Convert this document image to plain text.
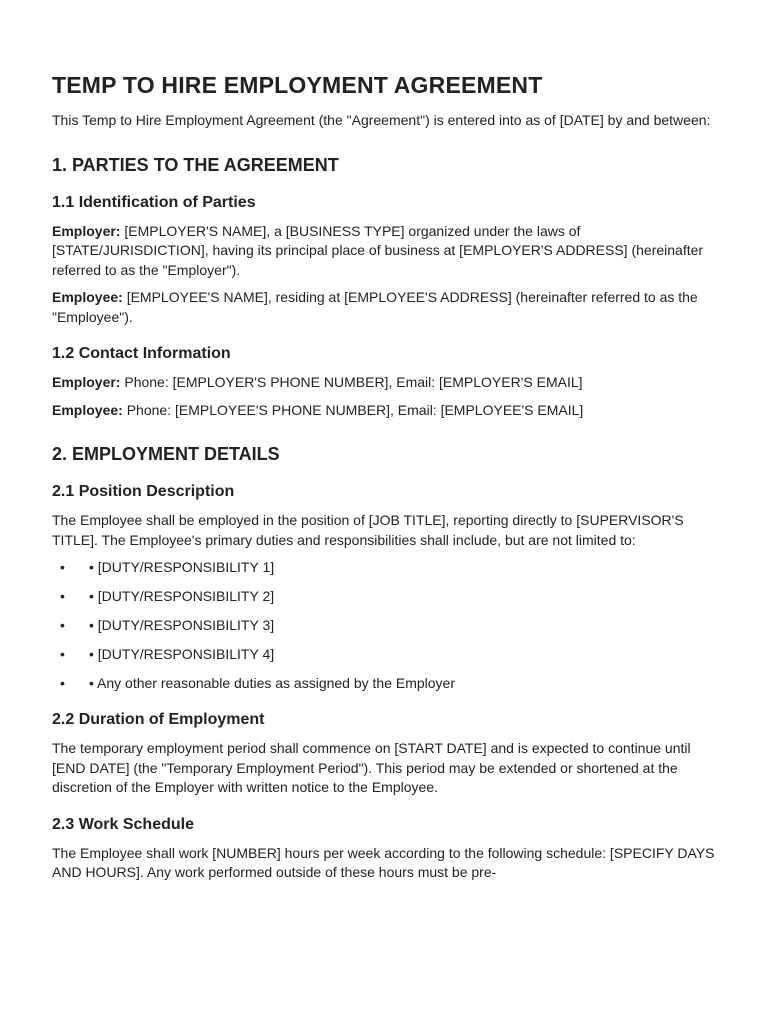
TEMP TO HIRE EMPLOYMENT AGREEMENT

This Temp to Hire Employment Agreement (the "Agreement") is entered into as of [DATE] by and between:

1. PARTIES TO THE AGREEMENT
1.1 Identification of Parties

Employer: [EMPLOYER'S NAME], a [BUSINESS TYPE] organized under the laws of [STATE/JURISDICTION], having its principal place of business at [EMPLOYER'S ADDRESS] (hereinafter referred to as the "Employer").

Employee: [EMPLOYEE'S NAME], residing at [EMPLOYEE'S ADDRESS] (hereinafter referred to as the "Employee").

1.2 Contact Information

Employer: Phone: [EMPLOYER'S PHONE NUMBER], Email: [EMPLOYER'S EMAIL]

Employee: Phone: [EMPLOYEE'S PHONE NUMBER], Email: [EMPLOYEE'S EMAIL]

2. EMPLOYMENT DETAILS
2.1 Position Description

The Employee shall be employed in the position of [JOB TITLE], reporting directly to [SUPERVISOR'S TITLE]. The Employee's primary duties and responsibilities shall include, but are not limited to:

• • [DUTY/RESPONSIBILITY 1]
• • [DUTY/RESPONSIBILITY 2]
• • [DUTY/RESPONSIBILITY 3]
• • [DUTY/RESPONSIBILITY 4]
• • Any other reasonable duties as assigned by the Employer
2.2 Duration of Employment

The temporary employment period shall commence on [START DATE] and is expected to continue until [END DATE] (the "Temporary Employment Period"). This period may be extended or shortened at the discretion of the Employer with written notice to the Employee.

2.3 Work Schedule

The Employee shall work [NUMBER] hours per week according to the following schedule: [SPECIFY DAYS AND HOURS]. Any work performed outside of these hours must be pre-
